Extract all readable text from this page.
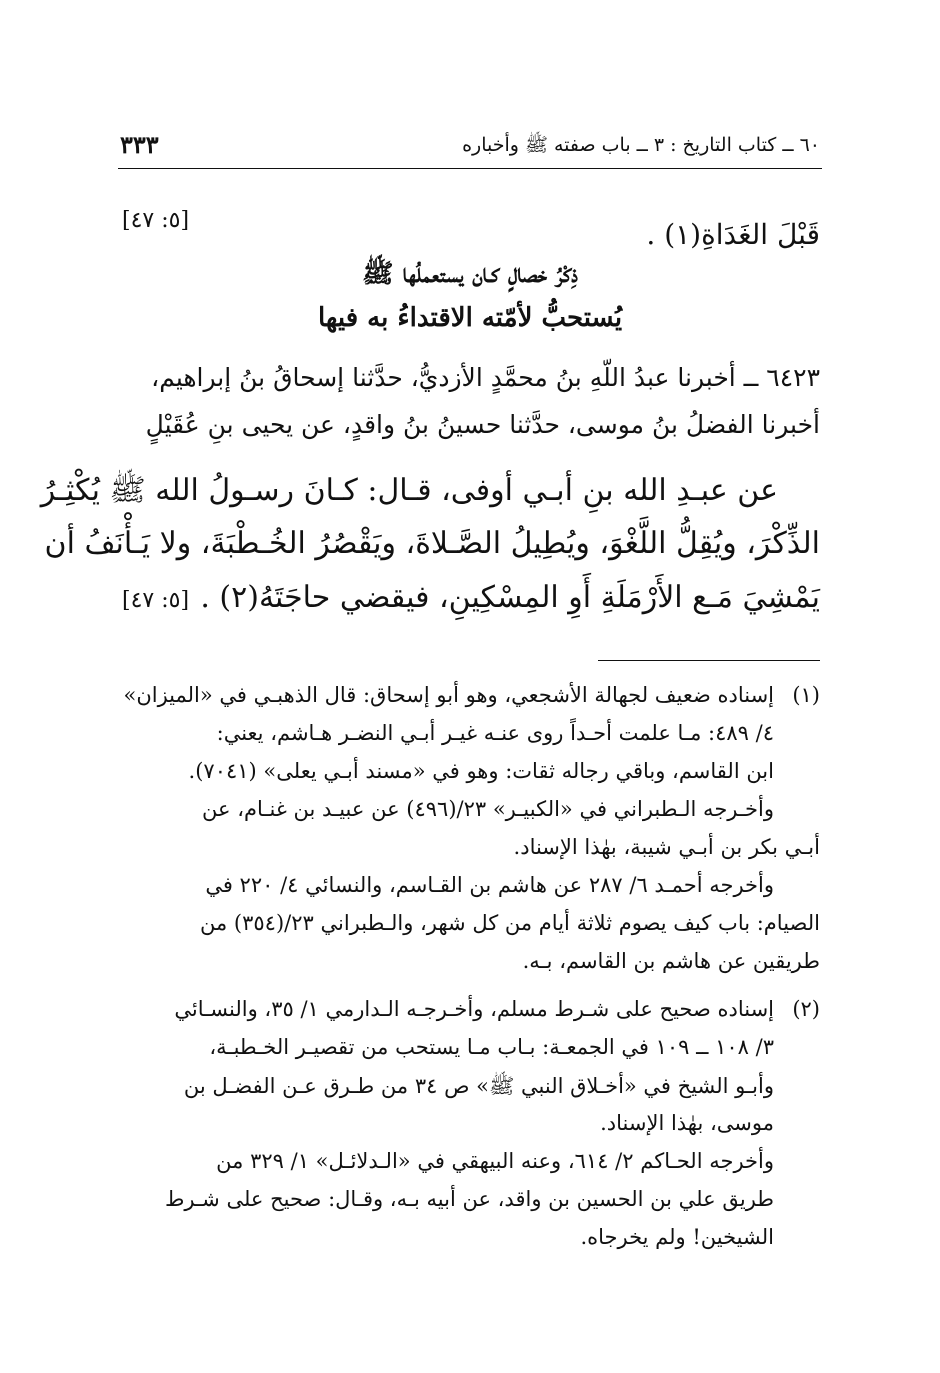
٦٠ ــ كتاب التاريخ : ٣ ــ باب صفته ﷺ وأخباره
٣٣٣
قَبْلَ الغَدَاةِ(١) .
[٥: ٤٧]
ذِكْرُ خصالٍ كـان يستعملُها ﷺ
يُستحبُّ لأمّته الاقتداءُ به فيها
٦٤٢٣ ــ أخبرنا عبدُ اللّهِ بنُ محمَّدٍ الأزديُّ، حدَّثنا إسحاقُ بنُ إبراهيم،
أخبرنا الفضلُ بنُ موسى، حدَّثنا حسينُ بنُ واقدٍ، عن يحيى بنِ عُقَيْلٍ
عن عبـدِ الله بنِ أبـي أوفى، قـال: كـانَ رسـولُ الله ﷺ يُكْثِـرُ
الذِّكْرَ، ويُقِلُّ اللَّغْوَ، ويُطِيلُ الصَّـلاةَ، ويَقْصُرُ الخُـطْبَةَ، ولا يَـأْنَفُ أن
يَمْشِيَ مَـع الأَرْمَلَةِ أَوِ المِسْكِينِ، فيقضي حاجَتَهُ(٢) .
[٥: ٤٧]
(١)
إسناده ضعيف لجهالة الأشجعي، وهو أبو إسحاق: قال الذهبـي في «الميزان»
٤/ ٤٨٩: مـا علمت أحـداً روى عنـه غيـر أبـي النضـر هـاشم، يعني:
ابن القاسم، وباقي رجاله ثقات: وهو في «مسند أبـي يعلى» (٧٠٤١).
وأخـرجه الـطبراني في «الكبيـر» ٢٣/(٤٩٦) عن عبيـد بن غنـام، عن
أبـي بكر بن أبـي شيبة، بهٰذا الإسناد.
وأخرجه أحمـد ٦/ ٢٨٧ عن هاشم بن القـاسم، والنسائي ٤/ ٢٢٠ في
الصيام: باب كيف يصوم ثلاثة أيام من كل شهر، والـطبراني ٢٣/(٣٥٤) من
طريقين عن هاشم بن القاسم، بـه.
(٢)
إسناده صحيح على شـرط مسلم، وأخـرجـه الـدارمي ١/ ٣٥، والنسـائي
٣/ ١٠٨ ــ ١٠٩ في الجمعـة: بـاب مـا يستحب من تقصيـر الخـطبـة،
وأبـو الشيخ في «أخـلاق النبي ﷺ» ص ٣٤ من طـرق عـن الفضـل بن
موسى، بهٰذا الإسناد.
وأخرجه الحـاكم ٢/ ٦١٤، وعنه البيهقي في «الـدلائـل» ١/ ٣٢٩ من
طريق علي بن الحسين بن واقد، عن أبيه بـه، وقـال: صحيح على شـرط
الشيخين! ولم يخرجاه.
